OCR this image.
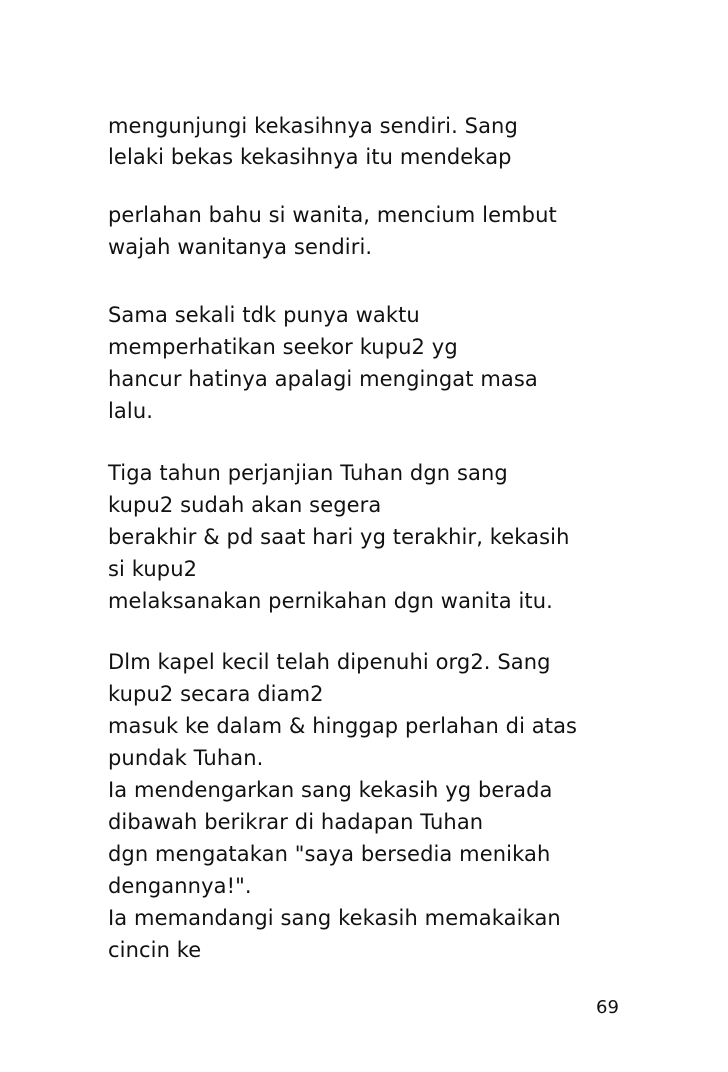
mengunjungi kekasihnya sendiri. Sang
lelaki bekas kekasihnya itu mendekap
perlahan bahu si wanita, mencium lembut
wajah wanitanya sendiri.
Sama sekali tdk punya waktu
memperhatikan seekor kupu2 yg
hancur hatinya apalagi mengingat masa
lalu.
Tiga tahun perjanjian Tuhan dgn sang
kupu2 sudah akan segera
berakhir & pd saat hari yg terakhir, kekasih
si kupu2
melaksanakan pernikahan dgn wanita itu.
Dlm kapel kecil telah dipenuhi org2. Sang
kupu2 secara diam2
masuk ke dalam & hinggap perlahan di atas
pundak Tuhan.
Ia mendengarkan sang kekasih yg berada
dibawah berikrar di hadapan Tuhan
dgn mengatakan "saya bersedia menikah
dengannya!".
Ia memandangi sang kekasih memakaikan
cincin ke
69
